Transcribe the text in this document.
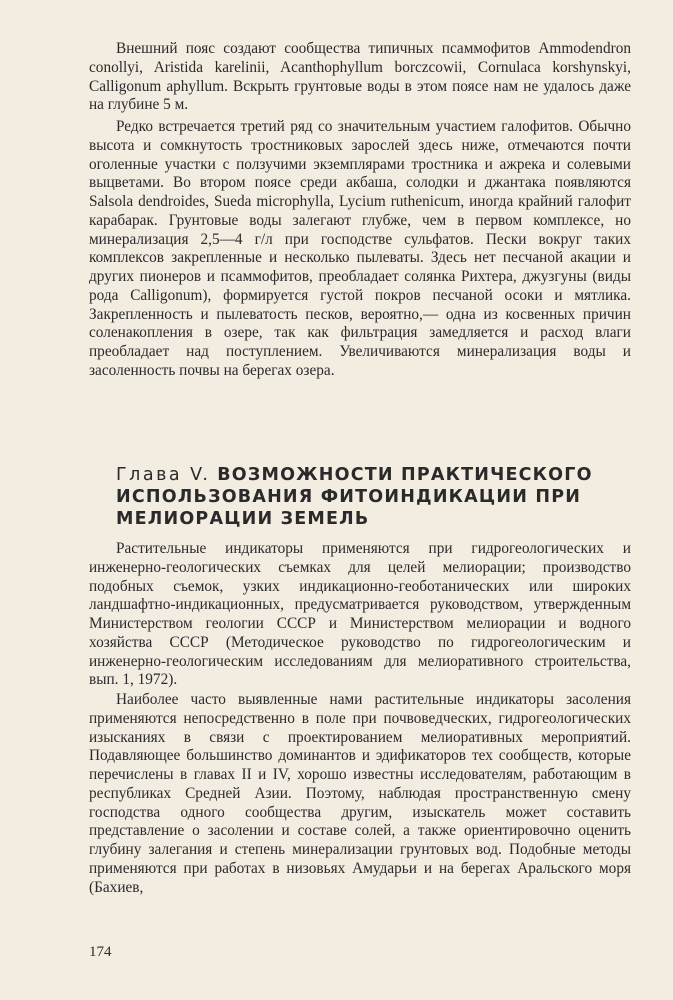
Внешний пояс создают сообщества типичных псаммофитов Ammodendron conollyi, Aristida karelinii, Acanthophyllum borczcowii, Cornulaca korshynskyi, Calligonum aphyllum. Вскрыть грунтовые воды в этом поясе нам не удалось даже на глубине 5 м.

Редко встречается третий ряд со значительным участием галофитов. Обычно высота и сомкнутость тростниковых зарослей здесь ниже, отмечаются почти оголенные участки с ползучими экземплярами тростника и ажрека и солевыми выцветами. Во втором поясе среди акбаша, солодки и джантака появляются Salsola dendroides, Sueda microphylla, Lycium ruthenicum, иногда крайний галофит карабарак. Грунтовые воды залегают глубже, чем в первом комплексе, но минерализация 2,5—4 г/л при господстве сульфатов. Пески вокруг таких комплексов закрепленные и несколько пылеваты. Здесь нет песчаной акации и других пионеров и псаммофитов, преобладает солянка Рихтера, джузгуны (виды рода Calligonum), формируется густой покров песчаной осоки и мятлика. Закрепленность и пылеватость песков, вероятно,— одна из косвенных причин соленакопления в озере, так как фильтрация замедляется и расход влаги преобладает над поступлением. Увеличиваются минерализация воды и засоленность почвы на берегах озера.

Глава V. ВОЗМОЖНОСТИ ПРАКТИЧЕСКОГО
ИСПОЛЬЗОВАНИЯ ФИТОИНДИКАЦИИ ПРИ
МЕЛИОРАЦИИ ЗЕМЕЛЬ

Растительные индикаторы применяются при гидрогеологических и инженерно-геологических съемках для целей мелиорации; производство подобных съемок, узких индикационно-геоботанических или широких ландшафтно-индикационных, предусматривается руководством, утвержденным Министерством геологии СССР и Министерством мелиорации и водного хозяйства СССР (Методическое руководство по гидрогеологическим и инженерно-геологическим исследованиям для мелиоративного строительства, вып. 1, 1972).

Наиболее часто выявленные нами растительные индикаторы засоления применяются непосредственно в поле при почвоведческих, гидрогеологических изысканиях в связи с проектированием мелиоративных мероприятий. Подавляющее большинство доминантов и эдификаторов тех сообществ, которые перечислены в главах II и IV, хорошо известны исследователям, работающим в республиках Средней Азии. Поэтому, наблюдая пространственную смену господства одного сообщества другим, изыскатель может составить представление о засолении и составе солей, а также ориентировочно оценить глубину залегания и степень минерализации грунтовых вод. Подобные методы применяются при работах в низовьях Амударьи и на берегах Аральского моря (Бахиев,

174
